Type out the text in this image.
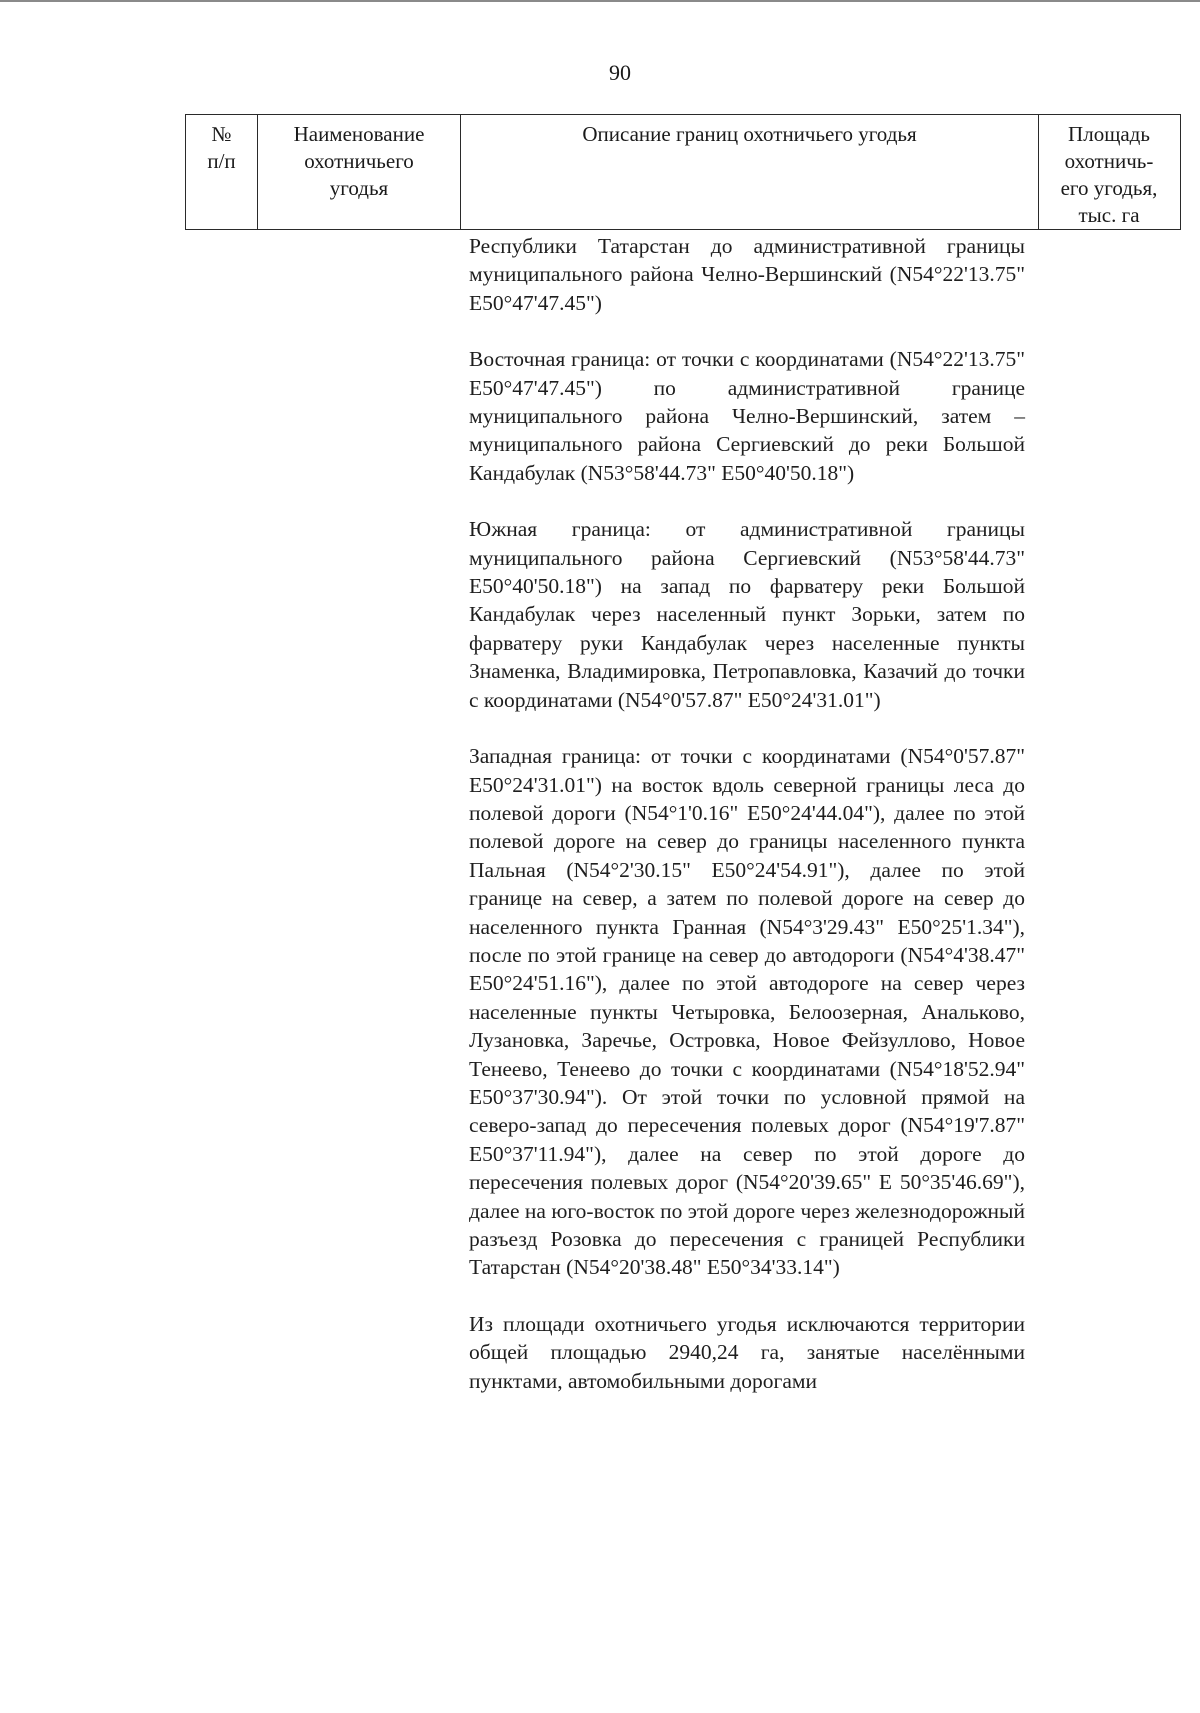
90
№
п/п
Наименование
охотничьего
угодья
Описание границ охотничьего угодья	Площадь
охотничь-
его угодья,
тыс. га

Республики Татарстан до административной границы муниципального района Челно-Вершинский (N54°22'13.75" E50°47'47.45")

Восточная граница: от точки с координатами (N54°22'13.75" E50°47'47.45") по административной границе муниципального района Челно-Вершинский, затем – муниципального района Сергиевский до реки Большой Кандабулак (N53°58'44.73" E50°40'50.18")

Южная граница: от административной границы муниципального района Сергиевский (N53°58'44.73" E50°40'50.18") на запад по фарватеру реки Большой Кандабулак через населенный пункт Зорьки, затем по фарватеру руки Кандабулак через населенные пункты Знаменка, Владимировка, Петропавловка, Казачий до точки с координатами (N54°0'57.87" E50°24'31.01")

Западная граница: от точки с координатами (N54°0'57.87" E50°24'31.01") на восток вдоль северной границы леса до полевой дороги (N54°1'0.16" E50°24'44.04"), далее по этой полевой дороге на север до границы населенного пункта Пальная (N54°2'30.15" E50°24'54.91"), далее по этой границе на север, а затем по полевой дороге на север до населенного пункта Гранная (N54°3'29.43" E50°25'1.34"), после по этой границе на север до автодороги (N54°4'38.47" E50°24'51.16"), далее по этой автодороге на север через населенные пункты Четыровка, Белоозерная, Анальково, Лузановка, Заречье, Островка, Новое Фейзуллово, Новое Тенеево, Тенеево до точки с координатами (N54°18'52.94" E50°37'30.94"). От этой точки по условной прямой на северо-запад до пересечения полевых дорог (N54°19'7.87" E50°37'11.94"), далее на север по этой дороге до пересечения полевых дорог (N54°20'39.65" E 50°35'46.69"), далее на юго-восток по этой дороге через железнодорожный разъезд Розовка до пересечения с границей Республики Татарстан (N54°20'38.48" E50°34'33.14")

Из площади охотничьего угодья исключаются территории общей площадью 2940,24 га, занятые населёнными пунктами, автомобильными дорогами
